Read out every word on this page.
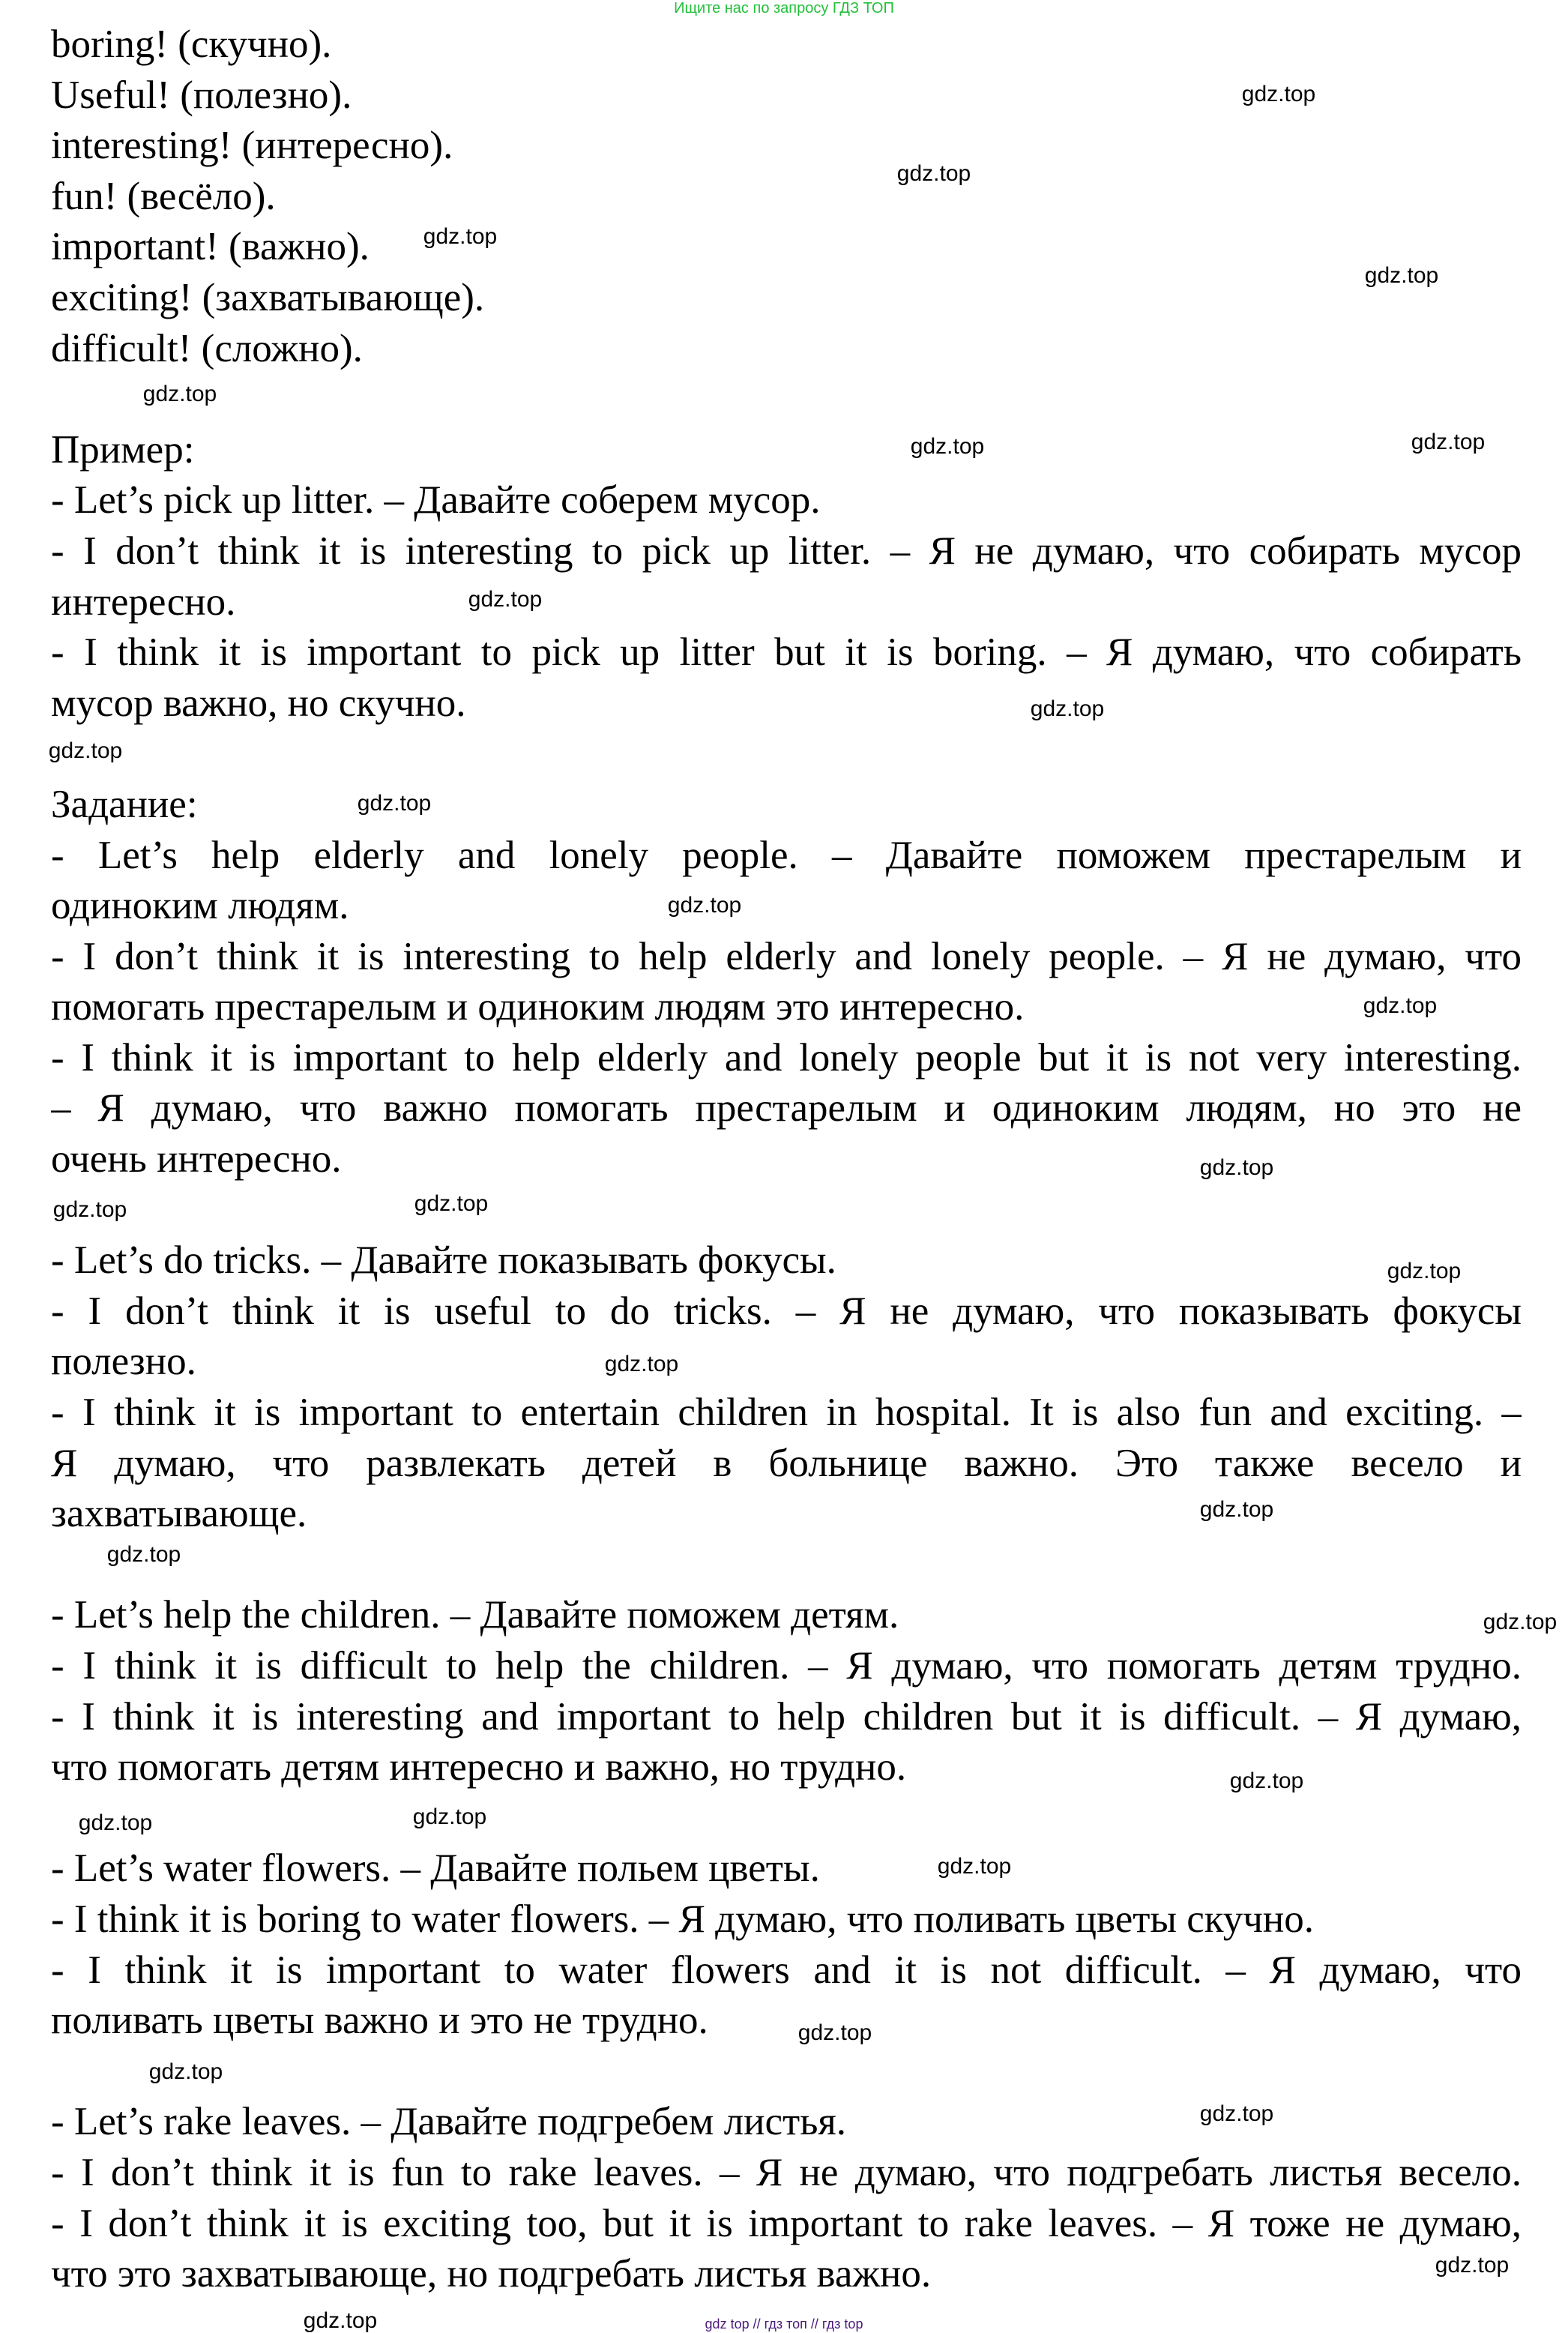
Ищите нас по запросу ГДЗ ТОП
boring! (скучно).
Useful! (полезно).
interesting! (интересно).
fun! (весёло).
important! (важно).
exciting! (захватывающе).
difficult! (сложно).
Пример:
- Let’s pick up litter. – Давайте соберем мусор.
- I don’t think it is interesting to pick up litter. – Я не думаю, что собирать мусор
интересно.
- I think it is important to pick up litter but it is boring. – Я думаю, что собирать
мусор важно, но скучно.
Задание:
- Let’s help elderly and lonely people. – Давайте поможем престарелым и
одиноким людям.
- I don’t think it is interesting to help elderly and lonely people. – Я не думаю, что
помогать престарелым и одиноким людям это интересно.
- I think it is important to help elderly and lonely people but it is not very interesting.
– Я думаю, что важно помогать престарелым и одиноким людям, но это не
очень интересно.
- Let’s do tricks. – Давайте показывать фокусы.
- I don’t think it is useful to do tricks. – Я не думаю, что показывать фокусы
полезно.
- I think it is important to entertain children in hospital. It is also fun and exciting. –
Я думаю, что развлекать детей в больнице важно. Это также весело и
захватывающе.
- Let’s help the children. – Давайте поможем детям.
- I think it is difficult to help the children. – Я думаю, что помогать детям трудно.
- I think it is interesting and important to help children but it is difficult. – Я думаю,
что помогать детям интересно и важно, но трудно.
- Let’s water flowers. – Давайте польем цветы.
- I think it is boring to water flowers. – Я думаю, что поливать цветы скучно.
- I think it is important to water flowers and it is not difficult. – Я думаю, что
поливать цветы важно и это не трудно.
- Let’s rake leaves. – Давайте подгребем листья.
- I don’t think it is fun to rake leaves. – Я не думаю, что подгребать листья весело.
- I don’t think it is exciting too, but it is important to rake leaves. – Я тоже не думаю,
что это захватывающе, но подгребать листья важно.
gdz.top
gdz.top
gdz.top
gdz.top
gdz.top
gdz.top
gdz.top
gdz.top
gdz.top
gdz.top
gdz.top
gdz.top
gdz.top
gdz.top
gdz.top
gdz.top
gdz.top
gdz.top
gdz.top
gdz.top
gdz.top
gdz.top
gdz.top
gdz.top
gdz.top
gdz.top
gdz.top
gdz.top
gdz.top
gdz.top	gdz top // гдз топ // гдз top
